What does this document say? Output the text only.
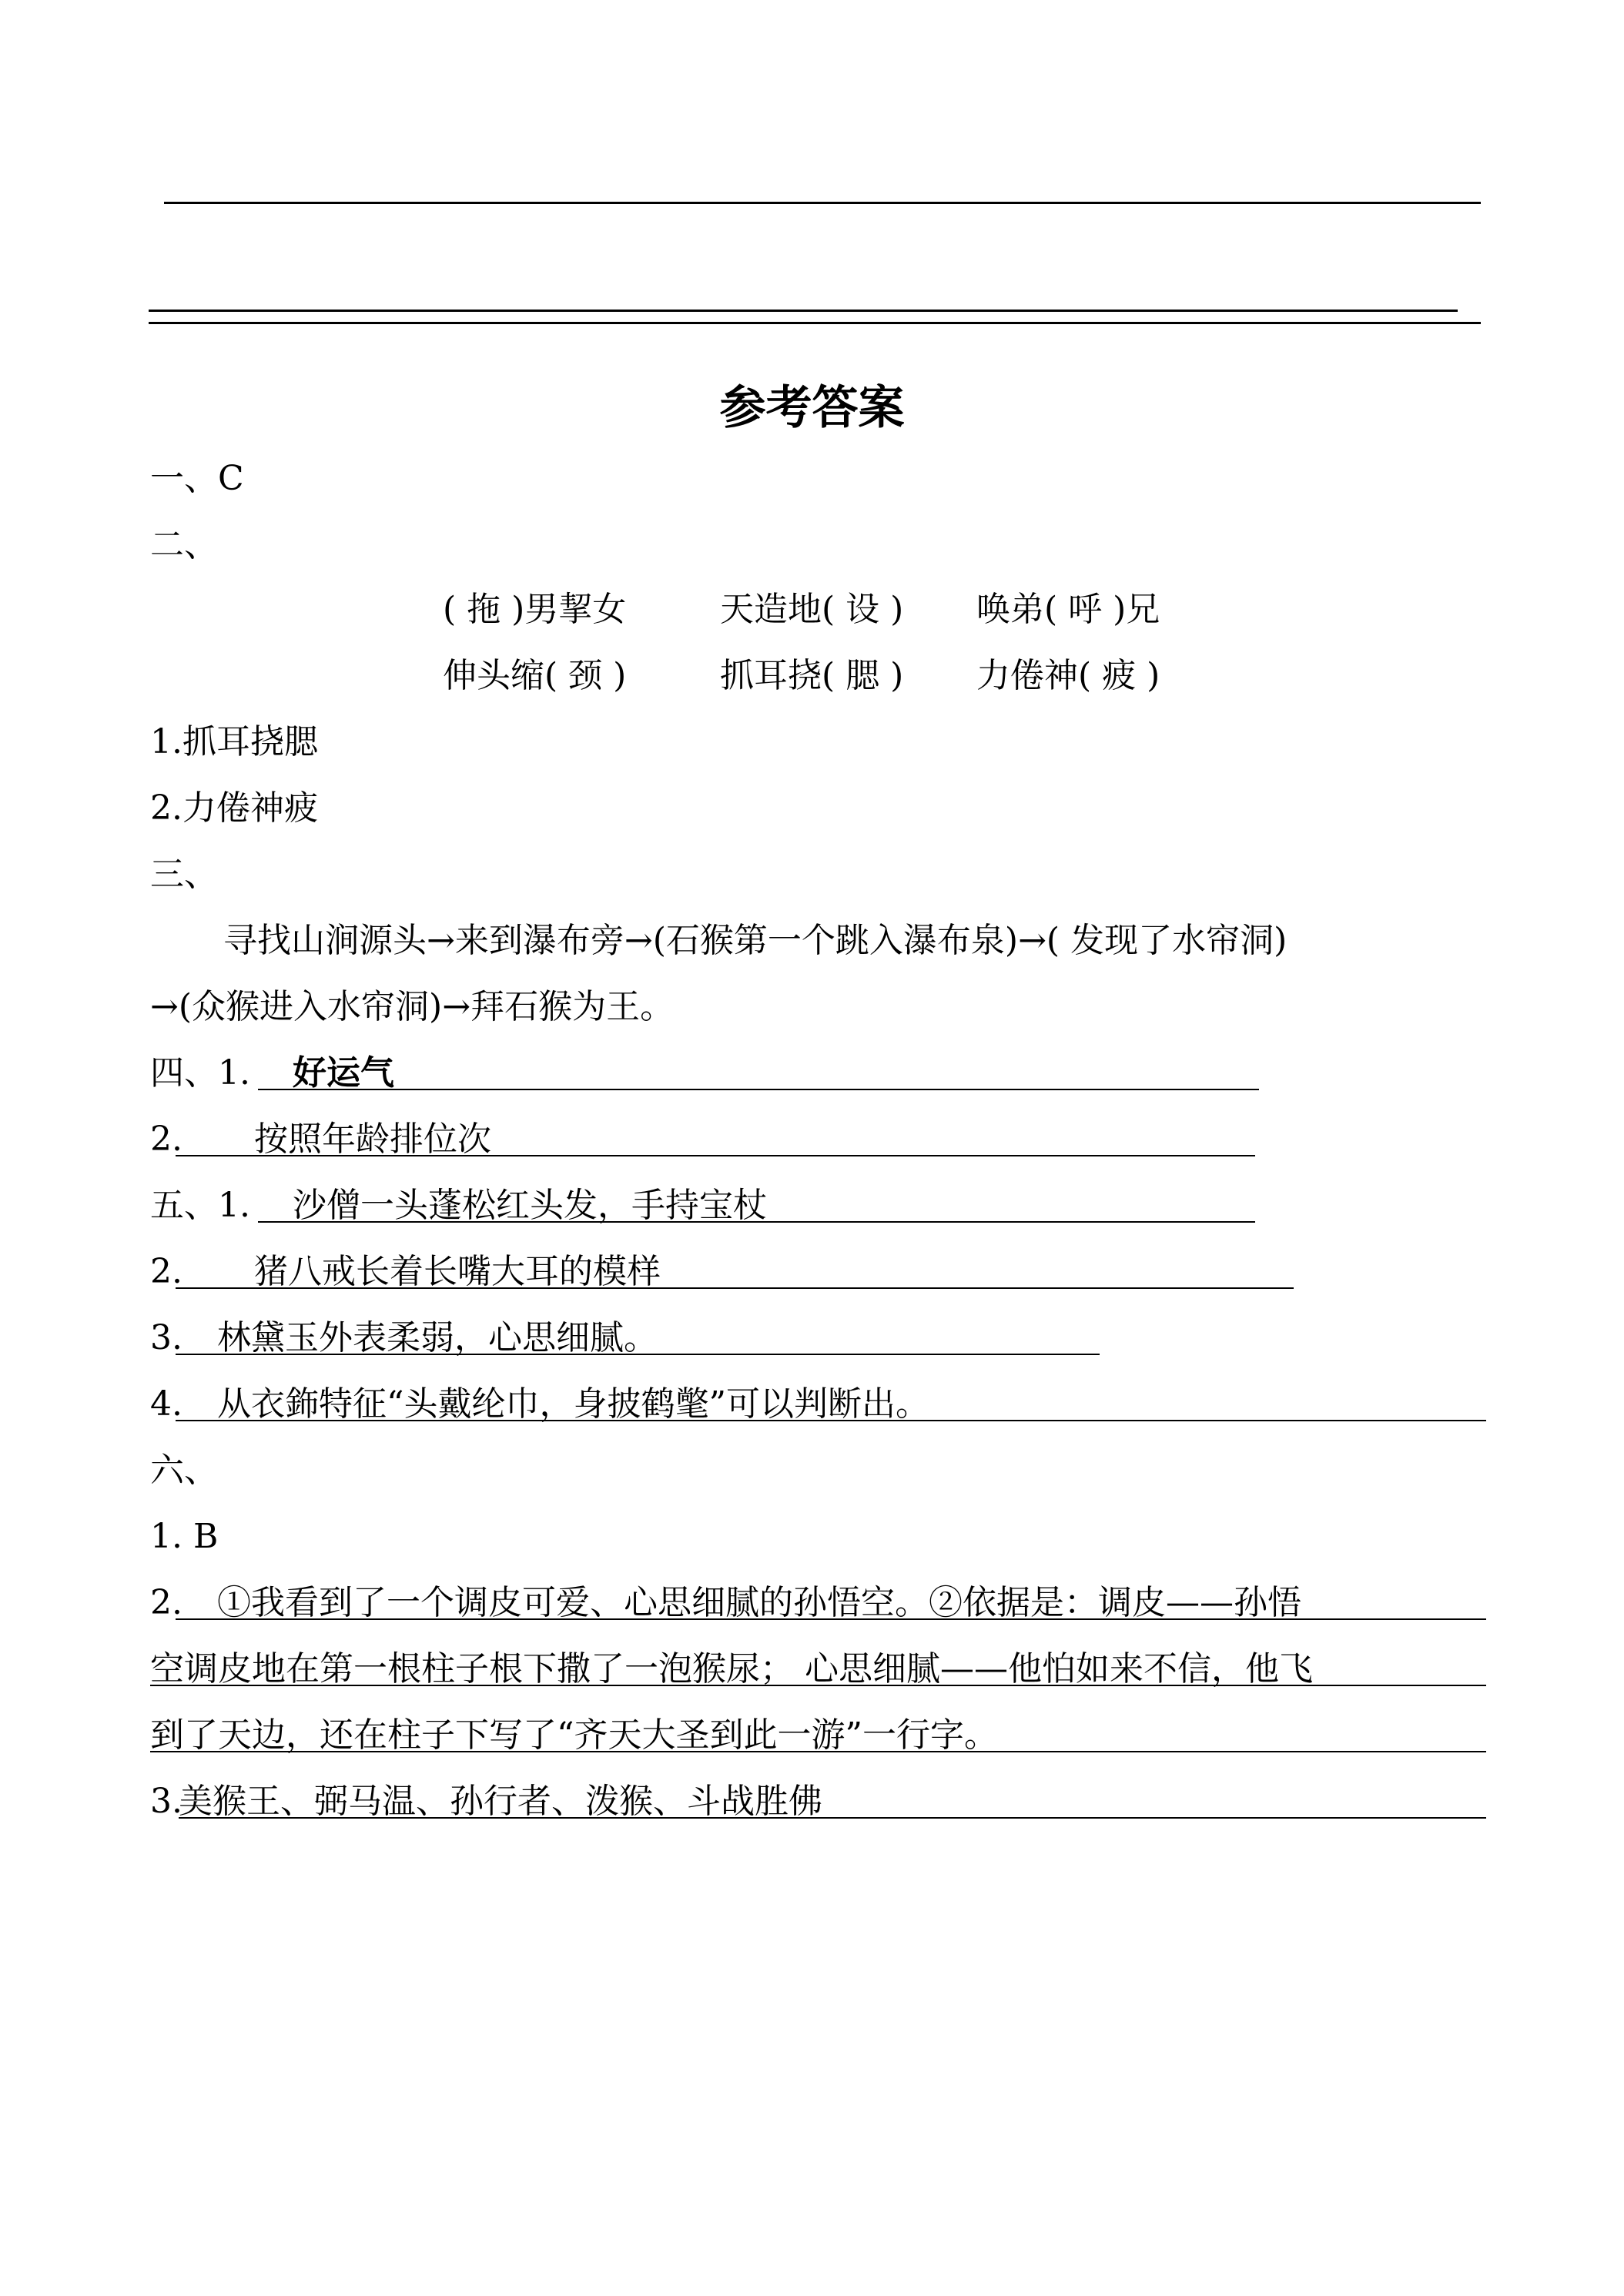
参考答案
一、C
二、
( 拖 )男挈女	天造地( 设 ) 唤弟( 呼 )兄
伸头缩( 颈 )	抓耳挠( 腮 ) 力倦神( 疲 )
1.抓耳挠腮
2.力倦神疲
三、
寻找山涧源头→来到瀑布旁→(石猴第一个跳入瀑布泉)→( 发现了水帘洞)
→(众猴进入水帘洞)→拜石猴为王。
四、1. 好运气
2. 按照年龄排位次
五、1. 沙僧一头蓬松红头发，手持宝杖
2. 猪八戒长着长嘴大耳的模样
3. 林黛玉外表柔弱，心思细腻。
4. 从衣鉓特征“头戴纶巾，身披鹤氅”可以判断出。
六、
1. B
2. ①我看到了一个调皮可爱、心思细腻的孙悟空。②依据是：调皮——孙悟
空调皮地在第一根柱子根下撒了一泡猴尿； 心思细腻——他怕如来不信，他飞
到了天边，还在柱子下写了“齐天大圣到此一游”一行字。
3.
美猴王、弼马温、孙行者、泼猴、斗战胜佛
